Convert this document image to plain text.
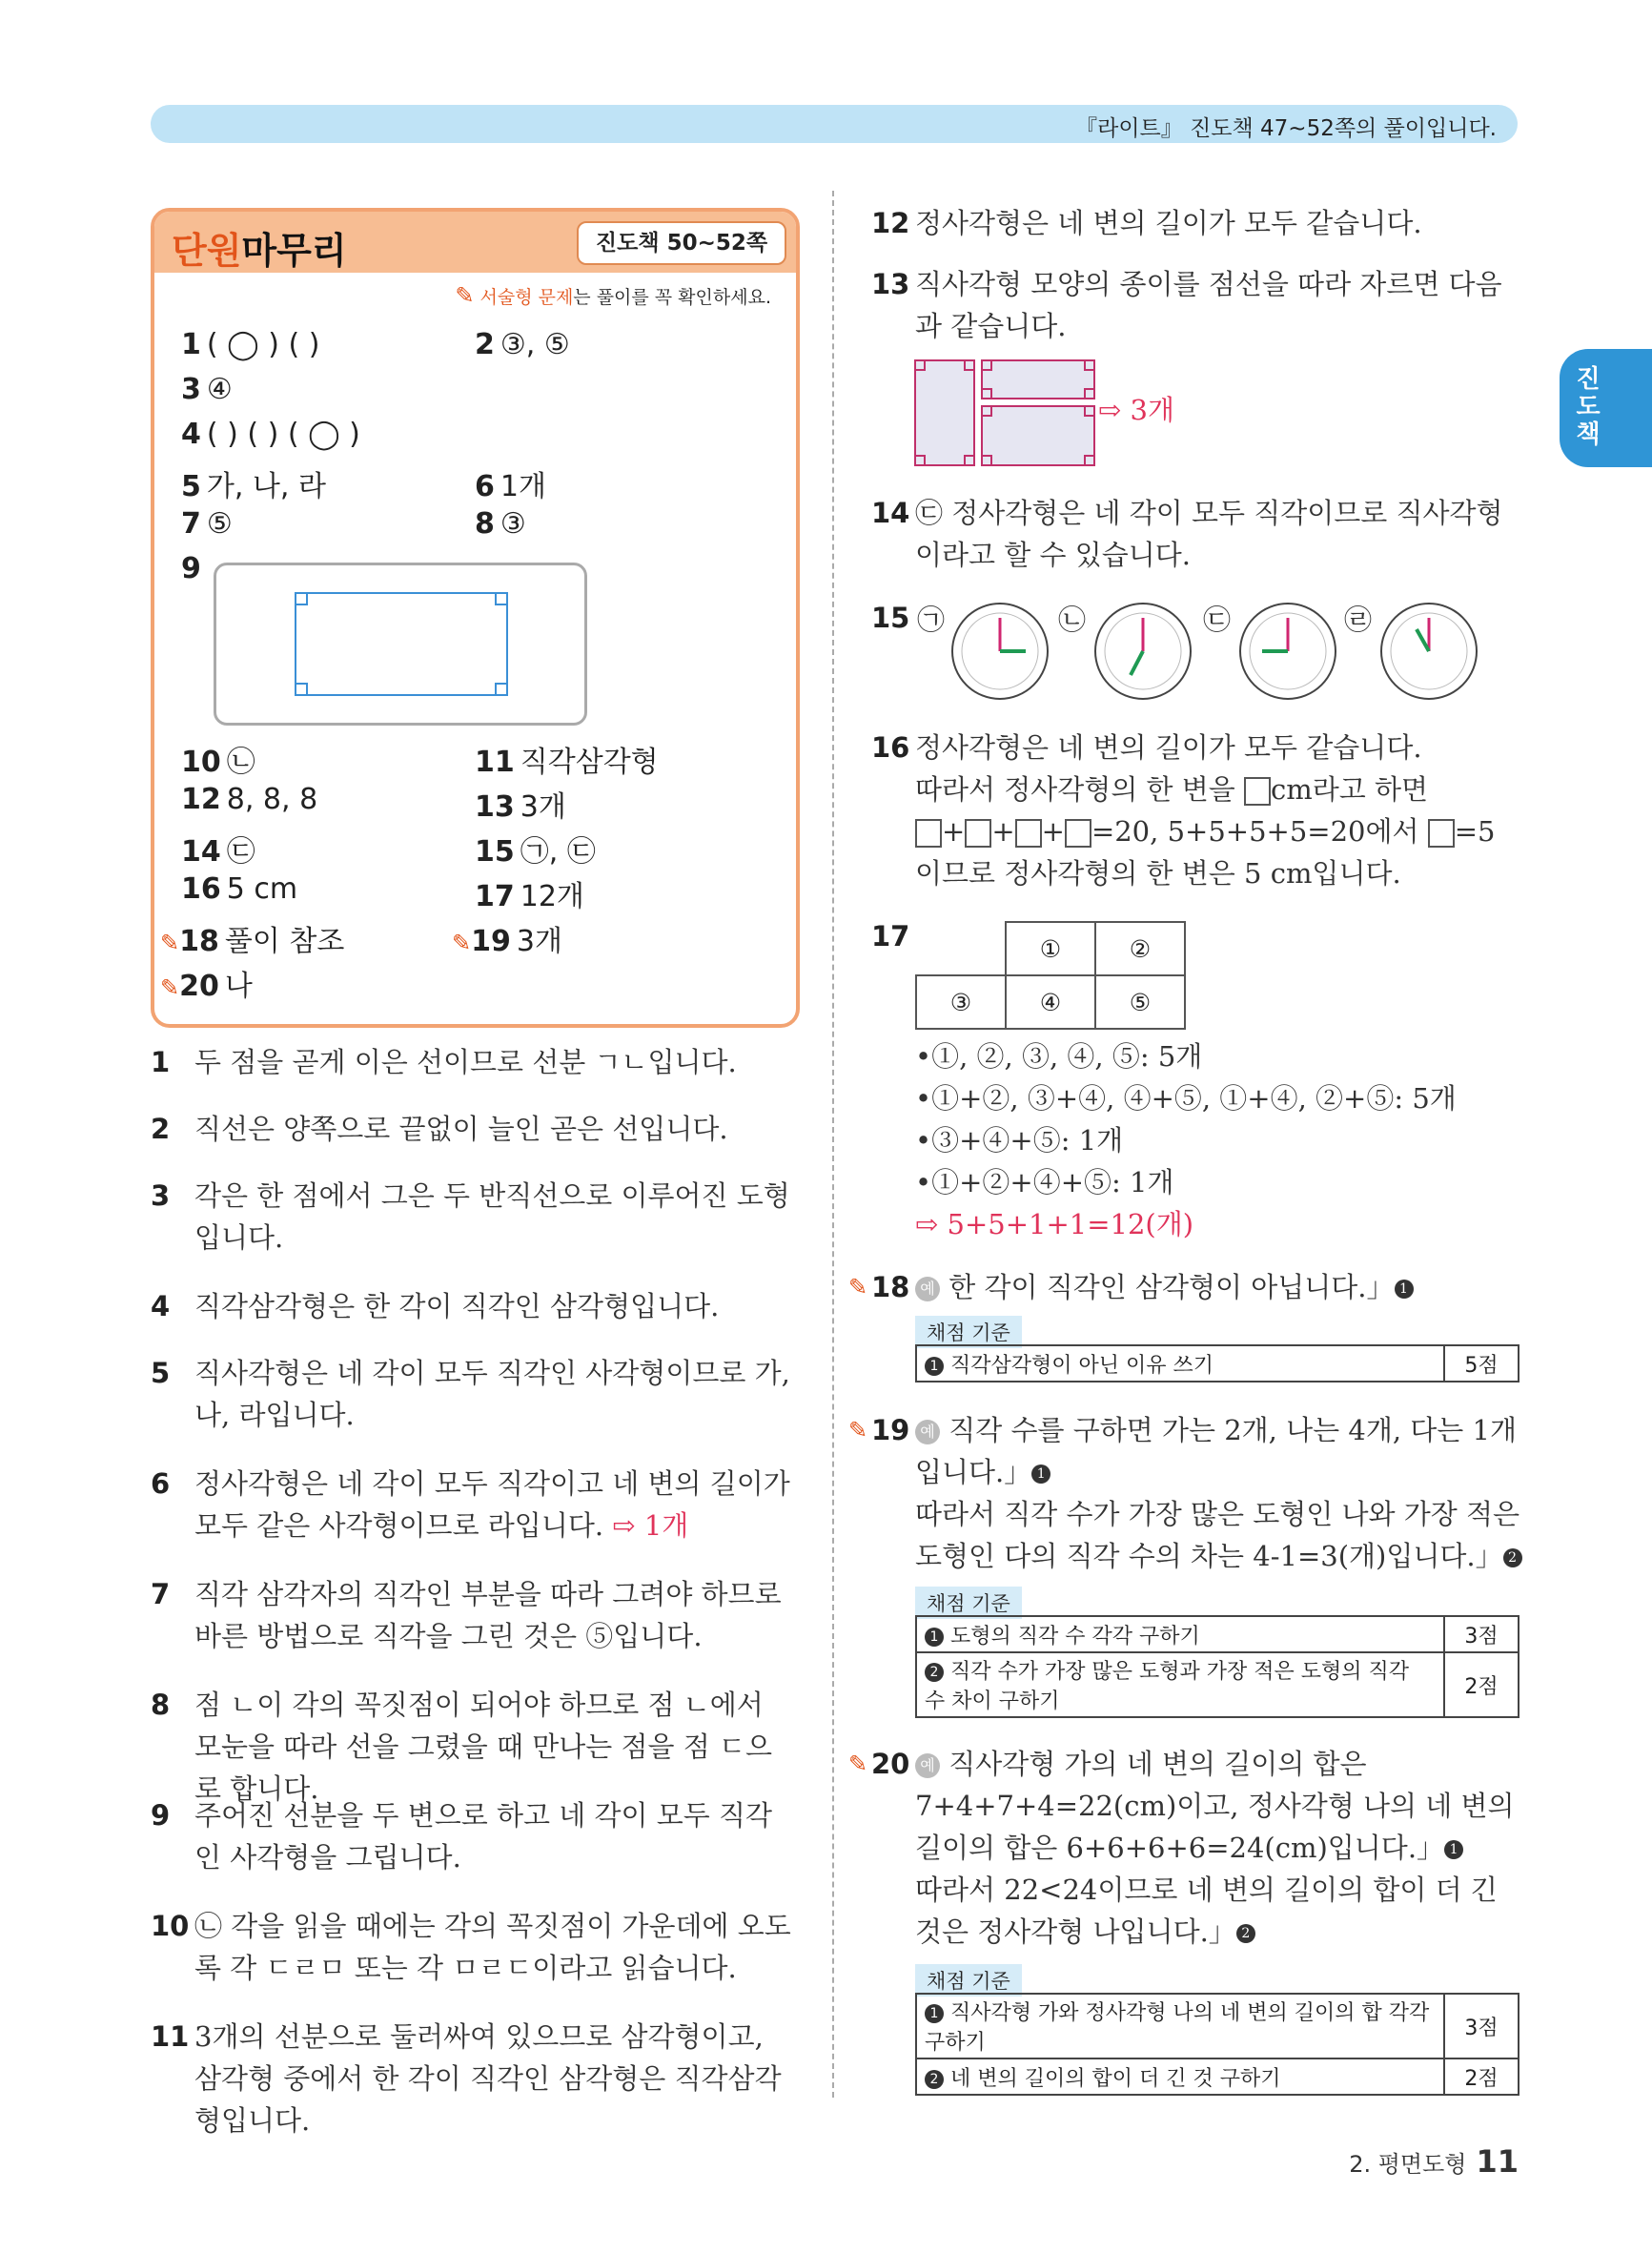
『라이트』 진도책 47~52쪽의 풀이입니다.
진도책
단원마무리	진도책 50~52쪽
✎ 서술형 문제는 풀이를 꼭 확인하세요.
1 ( ◯ ) ( )	2 ③, ⑤
3 ④
4 ( ) ( ) ( ◯ )
5 가, 나, 라	6 1개
7 ⑤	8 ③
9
10 ㉡	11 직각삼각형
12 8, 8, 8	13 3개
14 ㉢	15 ㉠, ㉢
16 5 cm	17 12개
✎18 풀이 참조	✎19 3개
✎20 나
1 두 점을 곧게 이은 선이므로 선분 ㄱㄴ입니다.
2 직선은 양쪽으로 끝없이 늘인 곧은 선입니다.
3 각은 한 점에서 그은 두 반직선으로 이루어진 도형입니다.
4 직각삼각형은 한 각이 직각인 삼각형입니다.
5 직사각형은 네 각이 모두 직각인 사각형이므로 가, 나, 라입니다.
6 정사각형은 네 각이 모두 직각이고 네 변의 길이가 모두 같은 사각형이므로 라입니다. ⇨ 1개
7 직각 삼각자의 직각인 부분을 따라 그려야 하므로 바른 방법으로 직각을 그린 것은 ⑤입니다.
8 점 ㄴ이 각의 꼭짓점이 되어야 하므로 점 ㄴ에서 모눈을 따라 선을 그렸을 때 만나는 점을 점 ㄷ으로 합니다.
9 주어진 선분을 두 변으로 하고 네 각이 모두 직각인 사각형을 그립니다.
10 ㉡ 각을 읽을 때에는 각의 꼭짓점이 가운데에 오도록 각 ㄷㄹㅁ 또는 각 ㅁㄹㄷ이라고 읽습니다.
11 3개의 선분으로 둘러싸여 있으므로 삼각형이고, 삼각형 중에서 한 각이 직각인 삼각형은 직각삼각형입니다.
12 정사각형은 네 변의 길이가 모두 같습니다.
13 직사각형 모양의 종이를 점선을 따라 자르면 다음과 같습니다.
⇨ 3개
14 ㉢ 정사각형은 네 각이 모두 직각이므로 직사각형이라고 할 수 있습니다.
15 ㉠	㉡	㉢	㉣
16 정사각형은 네 변의 길이가 모두 같습니다.
따라서 정사각형의 한 변을 cm라고 하면
+ + + =20, 5+5+5+5=20에서 =5
이므로 정사각형의 한 변은 5 cm입니다.
17
		①	②
③	④	⑤
•①, ②, ③, ④, ⑤: 5개
•①+②, ③+④, ④+⑤, ①+④, ②+⑤: 5개
•③+④+⑤: 1개
•①+②+④+⑤: 1개
⇨ 5+5+1+1=12(개)
✎ 18 예 한 각이 직각인 삼각형이 아닙니다.」 1
채점 기준
1 직각삼각형이 아닌 이유 쓰기	5점
✎ 19 예 직각 수를 구하면 가는 2개, 나는 4개, 다는 1개입니다.」 1
따라서 직각 수가 가장 많은 도형인 나와 가장 적은 도형인 다의 직각 수의 차는 4-1=3(개)입니다.」 2
채점 기준
1 도형의 직각 수 각각 구하기	3점
2 직각 수가 가장 많은 도형과 가장 적은 도형의 직각 수 차이 구하기	2점
✎ 20 예 직사각형 가의 네 변의 길이의 합은 7+4+7+4=22(cm)이고, 정사각형 나의 네 변의 길이의 합은 6+6+6+6=24(cm)입니다.」 1
따라서 22<24이므로 네 변의 길이의 합이 더 긴 것은 정사각형 나입니다.」 2
채점 기준
1 직사각형 가와 정사각형 나의 네 변의 길이의 합 각각 구하기	3점
2 네 변의 길이의 합이 더 긴 것 구하기	2점
2. 평면도형 11
